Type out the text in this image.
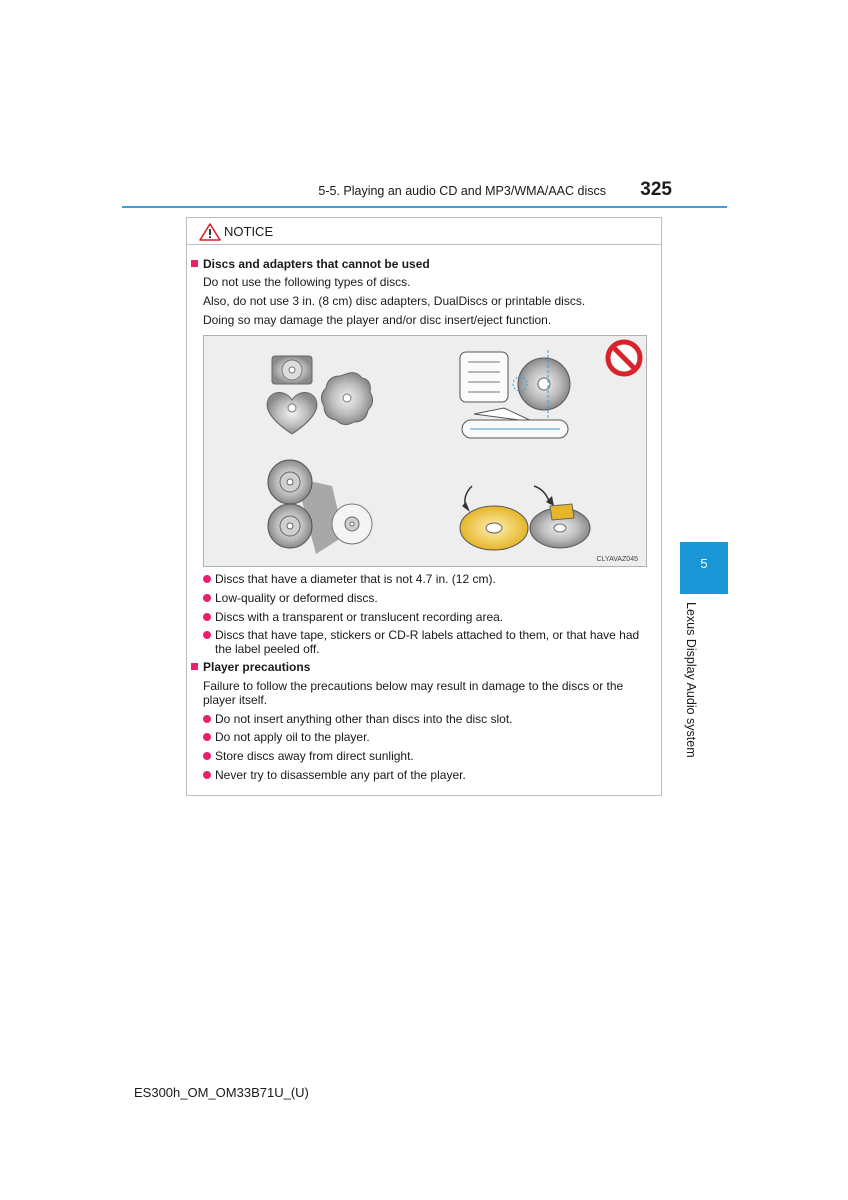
5-5. Playing an audio CD and MP3/WMA/AAC discs	325
5
Lexus Display Audio system
NOTICE
Discs and adapters that cannot be used
Do not use the following types of discs.
Also, do not use 3 in. (8 cm) disc adapters, DualDiscs or printable discs.
Doing so may damage the player and/or disc insert/eject function.
CLYAVAZ045
Discs that have a diameter that is not 4.7 in. (12 cm).
Low-quality or deformed discs.
Discs with a transparent or translucent recording area.
Discs that have tape, stickers or CD-R labels attached to them, or that have had the label peeled off.
Player precautions
Failure to follow the precautions below may result in damage to the discs or the player itself.
Do not insert anything other than discs into the disc slot.
Do not apply oil to the player.
Store discs away from direct sunlight.
Never try to disassemble any part of the player.
ES300h_OM_OM33B71U_(U)
